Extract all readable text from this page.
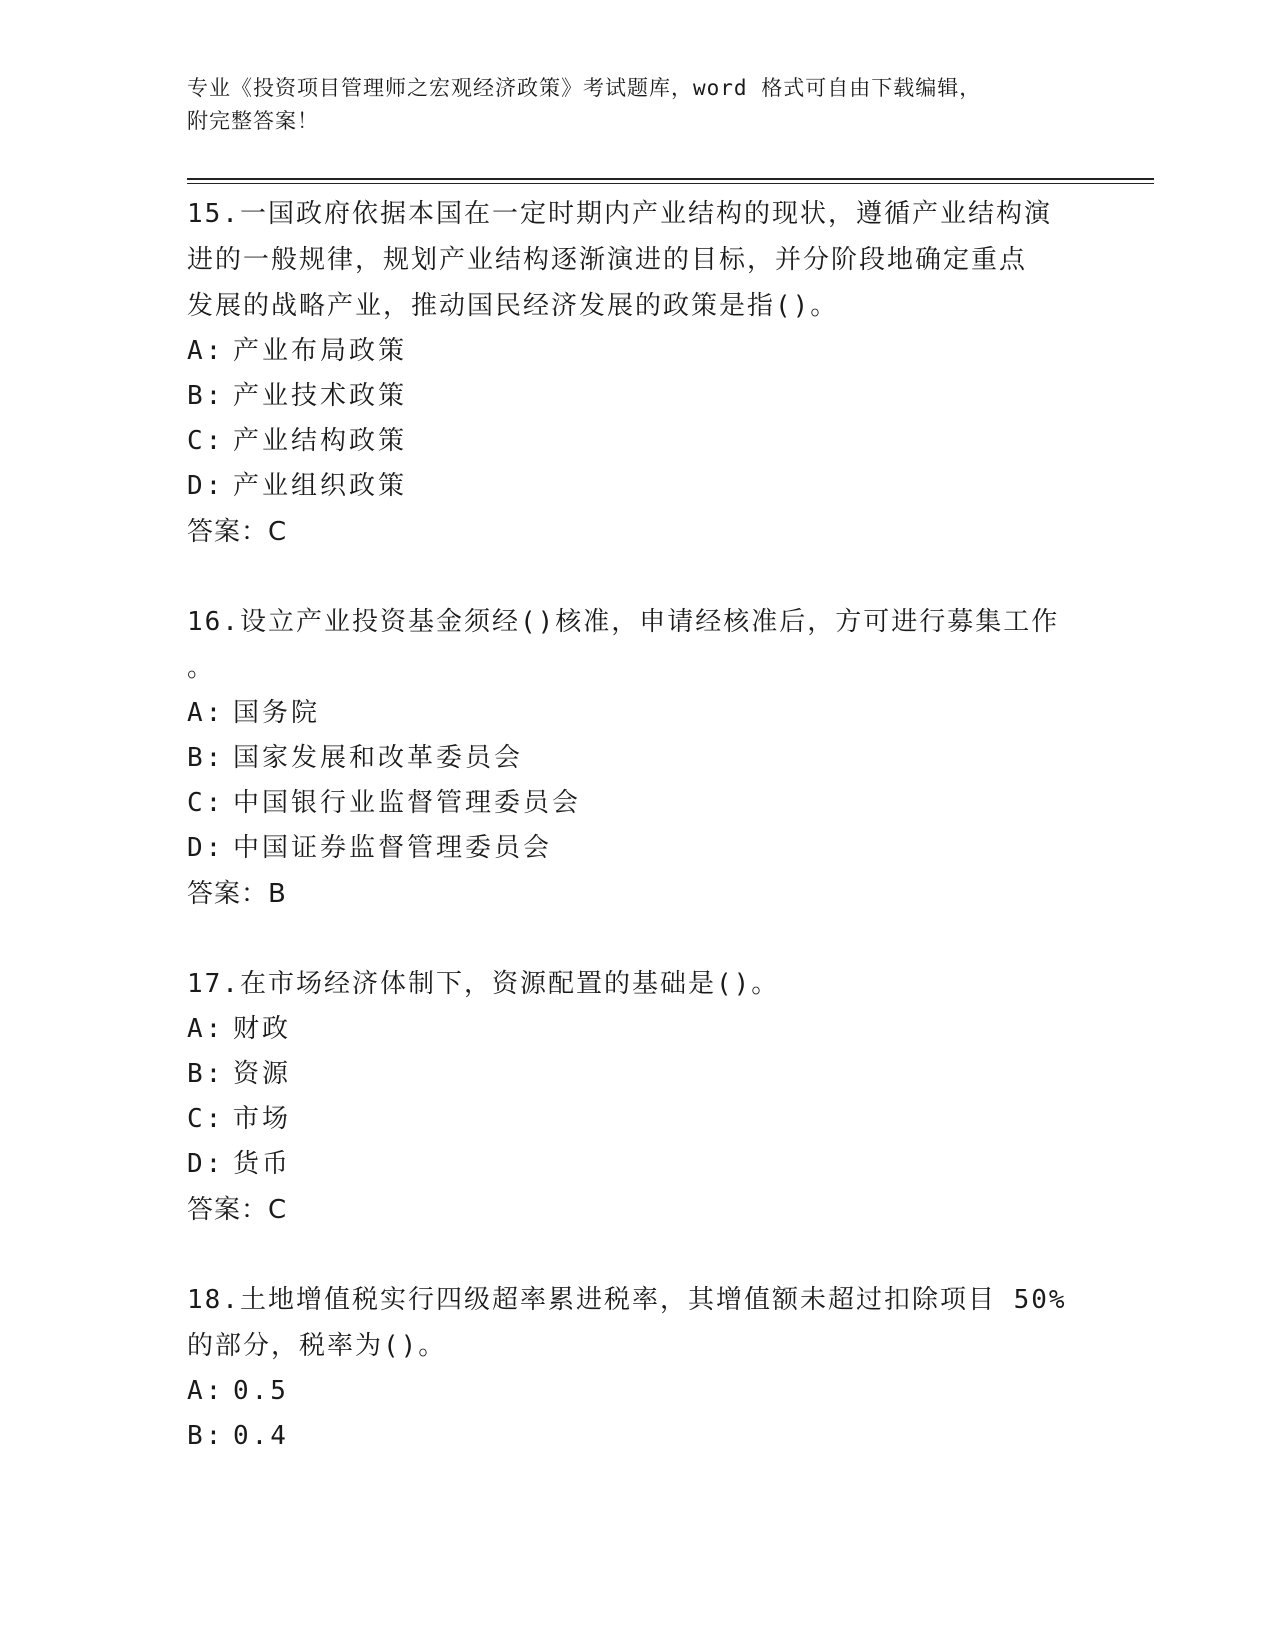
专业《投资项目管理师之宏观经济政策》考试题库，word 格式可自由下载编辑，
附完整答案！
15.一国政府依据本国在一定时期内产业结构的现状，遵循产业结构演
进的一般规律，规划产业结构逐渐演进的目标，并分阶段地确定重点
发展的战略产业，推动国民经济发展的政策是指()。
A: 产业布局政策
B: 产业技术政策
C: 产业结构政策
D: 产业组织政策
答案：C
16.设立产业投资基金须经()核准，申请经核准后，方可进行募集工作
。
A: 国务院
B: 国家发展和改革委员会
C: 中国银行业监督管理委员会
D: 中国证券监督管理委员会
答案：B
17.在市场经济体制下，资源配置的基础是()。
A: 财政
B: 资源
C: 市场
D: 货币
答案：C
18.土地增值税实行四级超率累进税率，其增值额未超过扣除项目 50%
的部分，税率为()。
A: 0.5
B: 0.4
